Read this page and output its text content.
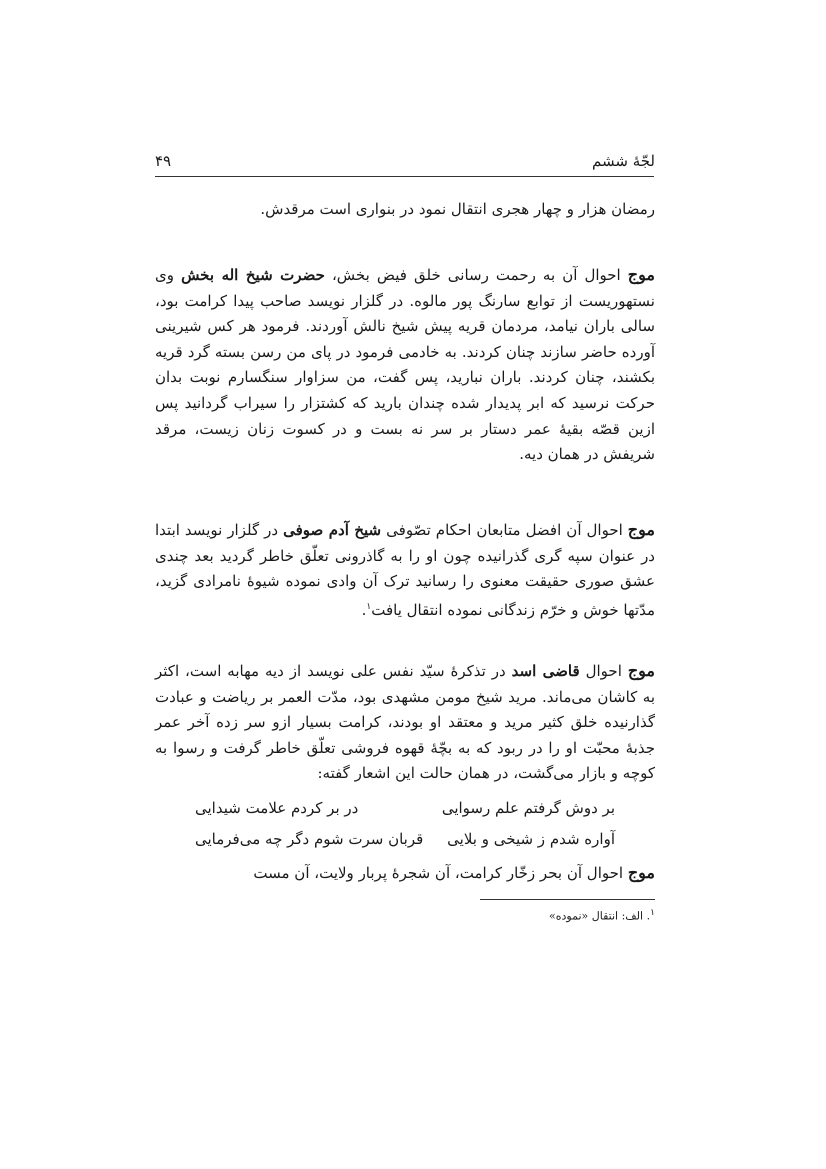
لجّهٔ ششم
۴۹

رمضان هزار و چهار هجری انتقال نمود در بنواری است مرقدش.

موج احوال آن به رحمت رسانی خلق فیض بخش، حضرت شیخ اله بخش وی نستهوریست از توابع سارنگ پور مالوه. در گلزار نویسد صاحب پیدا کرامت بود، سالی باران نیامد، مردمان قریه پیش شیخ نالش آوردند. فرمود هر کس شیرینی آورده حاضر سازند چنان کردند. به خادمی فرمود در پای من رسن بسته گرد قریه بکشند، چنان کردند. باران نبارید، پس گفت، من سزاوار سنگسارم نوبت بدان حرکت نرسید که ابر پدیدار شده چندان بارید که کشتزار را سیراب گردانید پس ازین قصّه بقیهٔ عمر دستار بر سر نه بست و در کسوت زنان زیست، مرقد شریفش در همان دیه.

موج احوال آن افضل متابعان احکام تصّوفی شیخ آدم صوفی در گلزار نویسد ابتدا در عنوان سپه گری گذرانیده چون او را به گاذرونی تعلّق خاطر گردید بعد چندی عشق صوری حقیقت معنوی را رسانید ترک آن وادی نموده شیوهٔ نامرادی گزید، مدّتها خوش و خرّم زندگانی نموده انتقال یافت$^۱$.

موج احوال قاضی اسد در تذکرهٔ سیّد نفس علی نویسد از دیه مهابه است، اکثر به کاشان می‌ماند. مرید شیخ مومن مشهدی بود، مدّت العمر بر ریاضت و عبادت گذارنیده خلق کثیر مرید و معتقد او بودند، کرامت بسیار ازو سر زده آخر عمر جذبهٔ محبّت او را در ربود که به بچّهٔ قهوه فروشی تعلّق خاطر گرفت و رسوا به کوچه و بازار می‌گشت، در همان حالت این اشعار گفته:

بر دوش گرفتم علم رسوایی
در بر کردم علامت شیدایی
آواره شدم ز شیخی و بلایی
قربان سرت شوم دگر چه می‌فرمایی

موج احوال آن بحر زخّار کرامت، آن شجرهٔ پربار ولایت، آن مست

$^۱$. الف: انتقال «نموده»
